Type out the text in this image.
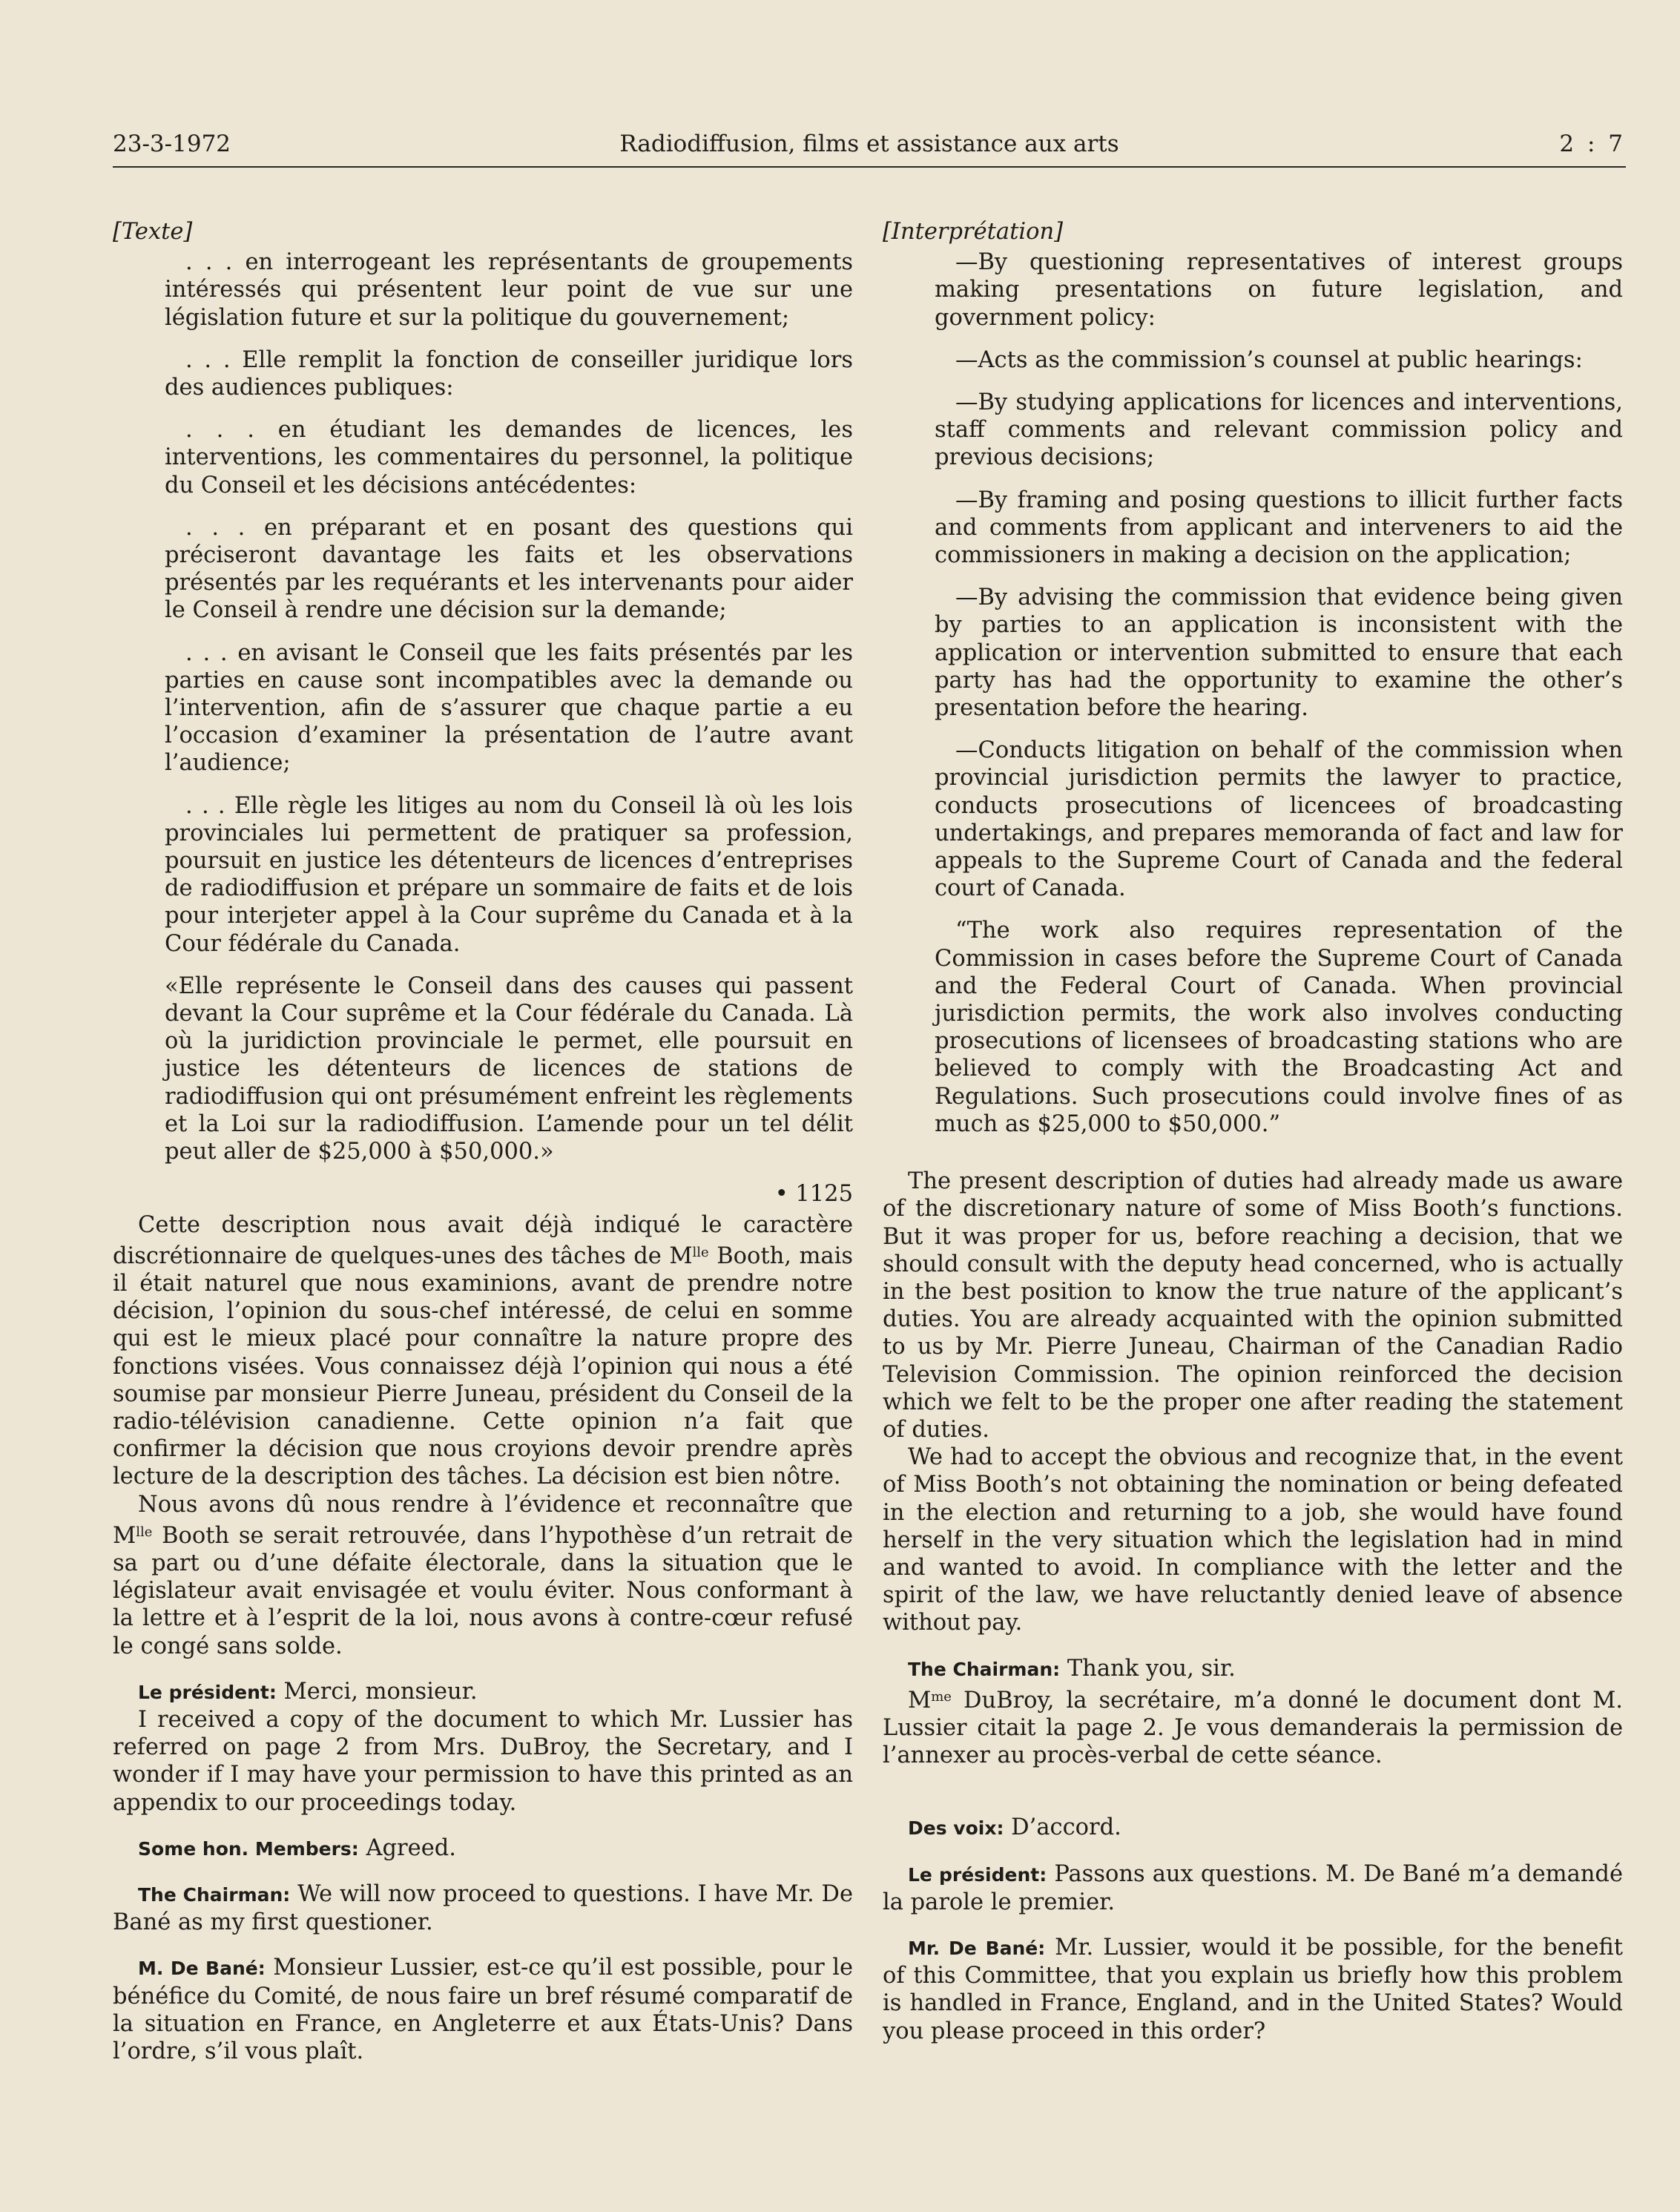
23-3-1972	Radiodiffusion, films et assistance aux arts	2 : 7

[Texte]

. . . en interrogeant les représentants de groupements intéressés qui présentent leur point de vue sur une législation future et sur la politique du gouvernement;

. . . Elle remplit la fonction de conseiller juridique lors des audiences publiques:

. . . en étudiant les demandes de licences, les interventions, les commentaires du personnel, la politique du Conseil et les décisions antécédentes:

. . . en préparant et en posant des questions qui préciseront davantage les faits et les observations présentés par les requérants et les intervenants pour aider le Conseil à rendre une décision sur la demande;

. . . en avisant le Conseil que les faits présentés par les parties en cause sont incompatibles avec la demande ou l’intervention, afin de s’assurer que chaque partie a eu l’occasion d’examiner la présentation de l’autre avant l’audience;

. . . Elle règle les litiges au nom du Conseil là où les lois provinciales lui permettent de pratiquer sa profession, poursuit en justice les détenteurs de licences d’entreprises de radiodiffusion et prépare un sommaire de faits et de lois pour interjeter appel à la Cour suprême du Canada et à la Cour fédérale du Canada.

«Elle représente le Conseil dans des causes qui passent devant la Cour suprême et la Cour fédérale du Canada. Là où la juridiction provinciale le permet, elle poursuit en justice les détenteurs de licences de stations de radiodiffusion qui ont présumément enfreint les règlements et la Loi sur la radiodiffusion. L’amende pour un tel délit peut aller de $25,000 à $50,000.»

• 1125

Cette description nous avait déjà indiqué le caractère discrétionnaire de quelques-unes des tâches de $M^{lle}$ Booth, mais il était naturel que nous examinions, avant de prendre notre décision, l’opinion du sous-chef intéressé, de celui en somme qui est le mieux placé pour connaître la nature propre des fonctions visées. Vous connaissez déjà l’opinion qui nous a été soumise par monsieur Pierre Juneau, président du Conseil de la radio-télévision canadienne. Cette opinion n’a fait que confirmer la décision que nous croyions devoir prendre après lecture de la description des tâches. La décision est bien nôtre.

Nous avons dû nous rendre à l’évidence et reconnaître que $M^{lle}$ Booth se serait retrouvée, dans l’hypothèse d’un retrait de sa part ou d’une défaite électorale, dans la situation que le législateur avait envisagée et voulu éviter. Nous conformant à la lettre et à l’esprit de la loi, nous avons à contre-cœur refusé le congé sans solde.

Le président: Merci, monsieur.

I received a copy of the document to which Mr. Lussier has referred on page 2 from Mrs. DuBroy, the Secretary, and I wonder if I may have your permission to have this printed as an appendix to our proceedings today.

Some hon. Members: Agreed.

The Chairman: We will now proceed to questions. I have Mr. De Bané as my first questioner.

M. De Bané: Monsieur Lussier, est-ce qu’il est possible, pour le bénéfice du Comité, de nous faire un bref résumé comparatif de la situation en France, en Angleterre et aux États-Unis? Dans l’ordre, s’il vous plaît.

[Interprétation]

—By questioning representatives of interest groups making presentations on future legislation, and government policy:

—Acts as the commission’s counsel at public hearings:

—By studying applications for licences and interventions, staff comments and relevant commission policy and previous decisions;

—By framing and posing questions to illicit further facts and comments from applicant and interveners to aid the commissioners in making a decision on the application;

—By advising the commission that evidence being given by parties to an application is inconsistent with the application or intervention submitted to ensure that each party has had the opportunity to examine the other’s presentation before the hearing.

—Conducts litigation on behalf of the commission when provincial jurisdiction permits the lawyer to practice, conducts prosecutions of licencees of broadcasting undertakings, and prepares memoranda of fact and law for appeals to the Supreme Court of Canada and the federal court of Canada.

“The work also requires representation of the Commission in cases before the Supreme Court of Canada and the Federal Court of Canada. When provincial jurisdiction permits, the work also involves conducting prosecutions of licensees of broadcasting stations who are believed to comply with the Broadcasting Act and Regulations. Such prosecutions could involve fines of as much as $25,000 to $50,000.”

The present description of duties had already made us aware of the discretionary nature of some of Miss Booth’s functions. But it was proper for us, before reaching a decision, that we should consult with the deputy head concerned, who is actually in the best position to know the true nature of the applicant’s duties. You are already acquainted with the opinion submitted to us by Mr. Pierre Juneau, Chairman of the Canadian Radio Television Commission. The opinion reinforced the decision which we felt to be the proper one after reading the statement of duties.

We had to accept the obvious and recognize that, in the event of Miss Booth’s not obtaining the nomination or being defeated in the election and returning to a job, she would have found herself in the very situation which the legislation had in mind and wanted to avoid. In compliance with the letter and the spirit of the law, we have reluctantly denied leave of absence without pay.

The Chairman: Thank you, sir.

$M^{me}$ DuBroy, la secrétaire, m’a donné le document dont M. Lussier citait la page 2. Je vous demanderais la permission de l’annexer au procès-verbal de cette séance.

Des voix: D’accord.

Le président: Passons aux questions. M. De Bané m’a demandé la parole le premier.

Mr. De Bané: Mr. Lussier, would it be possible, for the benefit of this Committee, that you explain us briefly how this problem is handled in France, England, and in the United States? Would you please proceed in this order?
